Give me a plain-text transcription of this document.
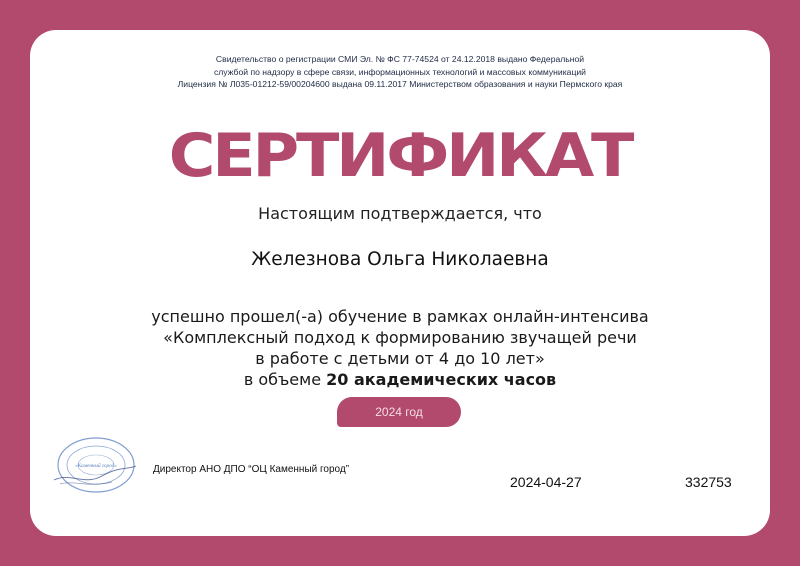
Свидетельство о регистрации СМИ Эл. № ФС 77-74524 от 24.12.2018 выдано Федеральной
службой по надзору в сфере связи, информационных технологий и массовых коммуникаций
Лицензия № Л035-01212-59/00204600 выдана 09.11.2017 Министерством образования и науки Пермского края
СЕРТИФИКАТ
Настоящим подтверждается, что
Железнова Ольга Николаевна
успешно прошел(-а) обучение в рамках онлайн-интенсива
«Комплексный подход к формированию звучащей речи
в работе с детьми от 4 до 10 лет»
в объеме 20 академических часов
2024 год
«Каменный город»	Директор АНО ДПО “ОЦ Каменный город”
2024-04-27	332753
